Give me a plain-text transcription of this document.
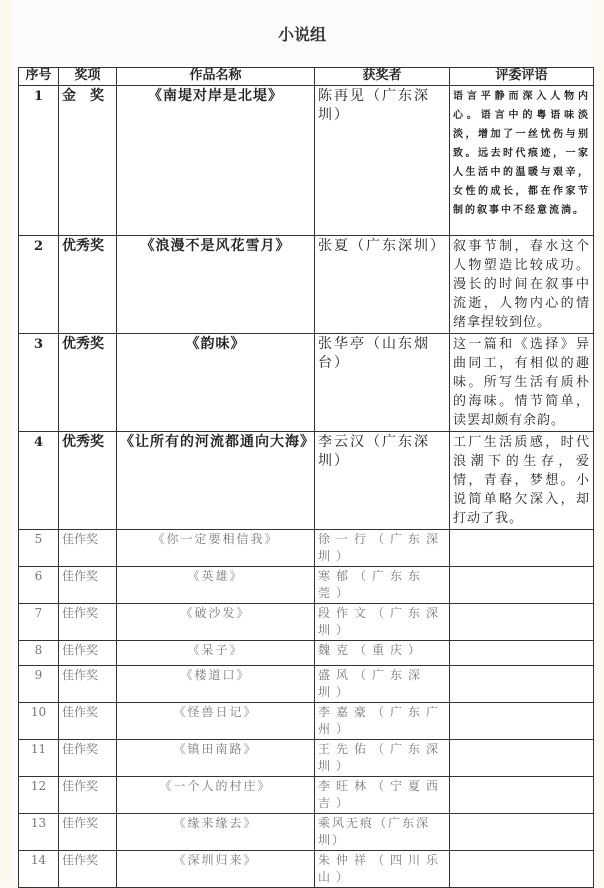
小说组
序号	奖项	作品名称	获奖者	评委评语
1	金　奖	《南堤对岸是北堤》	陈再见（广东深圳）	语言平静而深入人物内心。语言中的粤语味淡淡，增加了一丝忧伤与别致。远去时代痕迹，一家人生活中的温暖与艰辛，女性的成长，都在作家节制的叙事中不经意流淌。
2	优秀奖	《浪漫不是风花雪月》	张夏（广东深圳）	叙事节制，春水这个人物塑造比较成功。漫长的时间在叙事中流逝，人物内心的情绪拿捏较到位。
3	优秀奖	《韵味》	张华亭（山东烟台）	这一篇和《选择》异曲同工，有相似的趣味。所写生活有质朴的海味。情节简单，读罢却颇有余韵。
4	优秀奖	《让所有的河流都通向大海》	李云汉（广东深圳）	工厂生活质感，时代浪潮下的生存，爱情，青春，梦想。小说简单略欠深入，却打动了我。
5	佳作奖	《你一定要相信我》	徐一行（广东深圳）	
6	佳作奖	《英雄》	寒郁（广东东莞）	
7	佳作奖	《破沙发》	段作文（广东深圳）	
8	佳作奖	《呆子》	魏克（重庆）	
9	佳作奖	《楼道口》	盛风（广东深圳）	
10	佳作奖	《怪兽日记》	李嘉豪（广东广州）	
11	佳作奖	《镇田南路》	王先佑（广东深圳）	
12	佳作奖	《一个人的村庄》	李旺林（宁夏西吉）	
13	佳作奖	《缘来缘去》	乘风无痕（广东深圳）	
14	佳作奖	《深圳归来》	朱仲祥（四川乐山）	
